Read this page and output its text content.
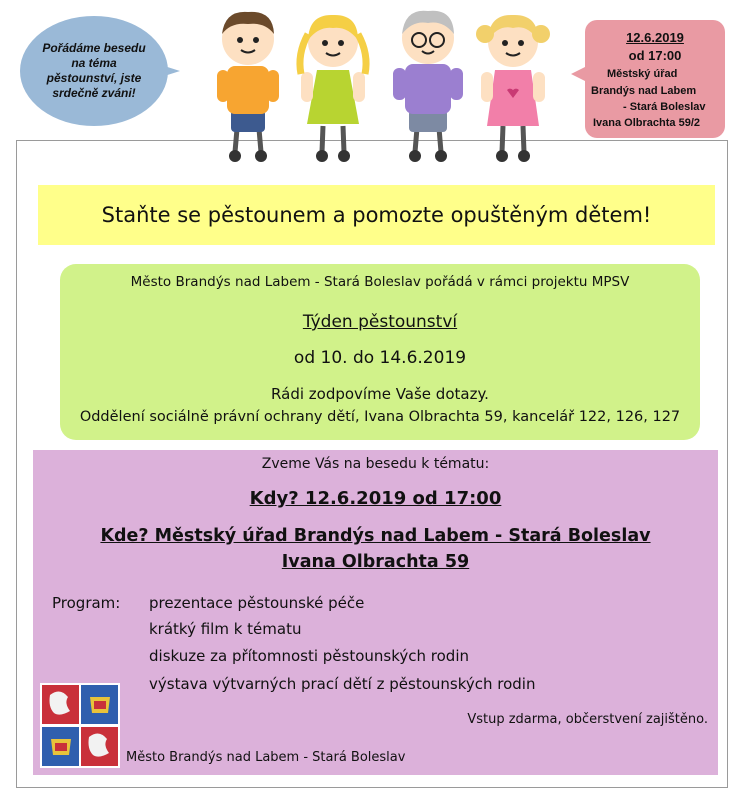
Pořádáme besedu na téma pěstounství, jste srdečně zváni!
12.6.2019
od 17:00
Městský úřad
Brandýs nad Labem
- Stará Boleslav
Ivana Olbrachta 59/2
Staňte se pěstounem a pomozte opuštěným dětem!
Město Brandýs nad Labem - Stará Boleslav pořádá v rámci projektu MPSV
Týden pěstounství
od 10. do 14.6.2019
Rádi zodpovíme Vaše dotazy.
Oddělení sociálně právní ochrany dětí, Ivana Olbrachta 59, kancelář 122, 126, 127
Zveme Vás na besedu k tématu:
Kdy? 12.6.2019 od 17:00
Kde? Městský úřad Brandýs nad Labem - Stará Boleslav
Ivana Olbrachta 59
Program: prezentace pěstounské péče
krátký film k tématu
diskuze za přítomnosti pěstounských rodin
výstava výtvarných prací dětí z pěstounských rodin
Vstup zdarma, občerstvení zajištěno.
Město Brandýs nad Labem - Stará Boleslav
